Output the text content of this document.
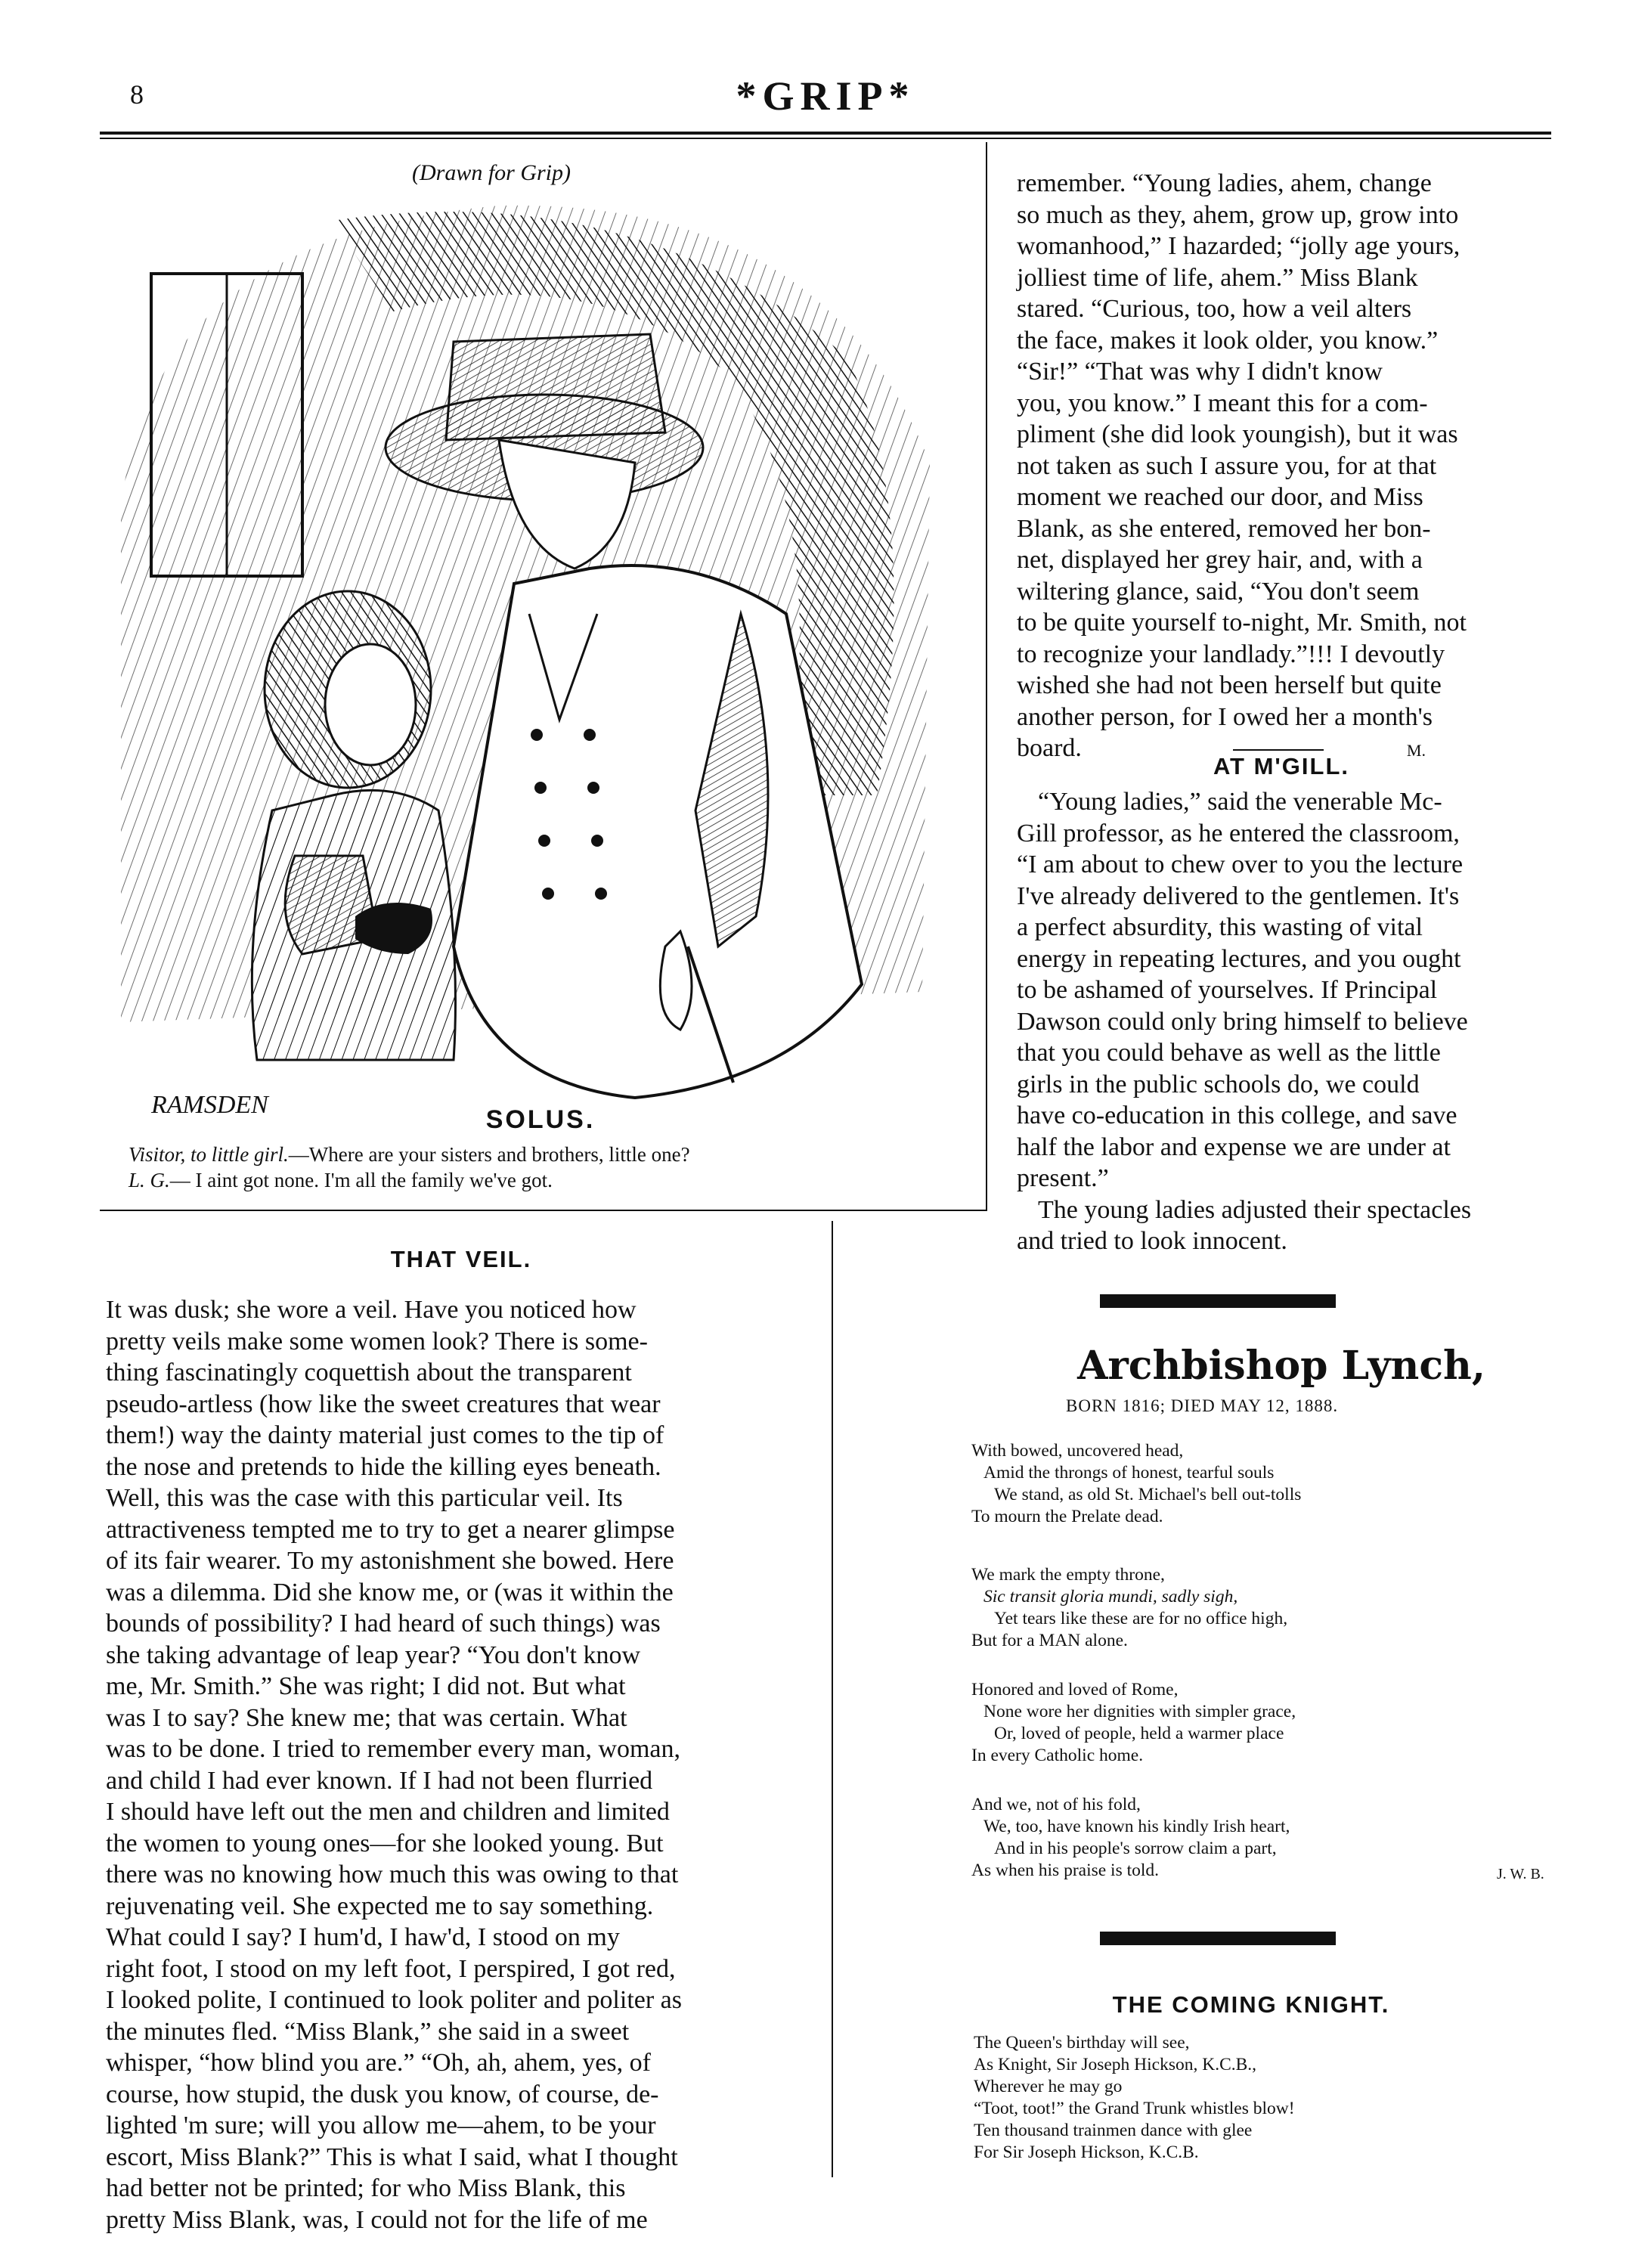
8	*GRIP*
(Drawn for Grip)
RAMSDEN
SOLUS.
Visitor, to little girl.—Where are your sisters and brothers, little one?
L. G.— I aint got none. I'm all the family we've got.
THAT VEIL.

It was dusk; she wore a veil. Have you noticed how

pretty veils make some women look? There is some-

thing fascinatingly coquettish about the transparent

pseudo-artless (how like the sweet creatures that wear

them!) way the dainty material just comes to the tip of

the nose and pretends to hide the killing eyes beneath.

Well, this was the case with this particular veil. Its

attractiveness tempted me to try to get a nearer glimpse

of its fair wearer. To my astonishment she bowed. Here

was a dilemma. Did she know me, or (was it within the

bounds of possibility? I had heard of such things) was

she taking advantage of leap year? “You don't know

me, Mr. Smith.” She was right; I did not. But what

was I to say? She knew me; that was certain. What

was to be done. I tried to remember every man, woman,

and child I had ever known. If I had not been flurried

I should have left out the men and children and limited

the women to young ones—for she looked young. But

there was no knowing how much this was owing to that

rejuvenating veil. She expected me to say something.

What could I say? I hum'd, I haw'd, I stood on my

right foot, I stood on my left foot, I perspired, I got red,

I looked polite, I continued to look politer and politer as

the minutes fled. “Miss Blank,” she said in a sweet

whisper, “how blind you are.” “Oh, ah, ahem, yes, of

course, how stupid, the dusk you know, of course, de-

lighted 'm sure; will you allow me—ahem, to be your

escort, Miss Blank?” This is what I said, what I thought

had better not be printed; for who Miss Blank, this

pretty Miss Blank, was, I could not for the life of me

remember. “Young ladies, ahem, change

so much as they, ahem, grow up, grow into

womanhood,” I hazarded; “jolly age yours,

jolliest time of life, ahem.” Miss Blank

stared. “Curious, too, how a veil alters

the face, makes it look older, you know.”

“Sir!” “That was why I didn't know

you, you know.” I meant this for a com-

pliment (she did look youngish), but it was

not taken as such I assure you, for at that

moment we reached our door, and Miss

Blank, as she entered, removed her bon-

net, displayed her grey hair, and, with a

wiltering glance, said, “You don't seem

to be quite yourself to-night, Mr. Smith, not

to recognize your landlady.”!!! I devoutly

wished she had not been herself but quite

another person, for I owed her a month's

board.	M.

AT M'GILL.

“Young ladies,” said the venerable Mc-

Gill professor, as he entered the classroom,

“I am about to chew over to you the lecture

I've already delivered to the gentlemen. It's

a perfect absurdity, this wasting of vital

energy in repeating lectures, and you ought

to be ashamed of yourselves. If Principal

Dawson could only bring himself to believe

that you could behave as well as the little

girls in the public schools do, we could

have co-education in this college, and save

half the labor and expense we are under at

present.”

The young ladies adjusted their spectacles

and tried to look innocent.

Archbishop Lynch,
BORN 1816; DIED MAY 12, 1888.
With bowed, uncovered head,
Amid the throngs of honest, tearful souls
We stand, as old St. Michael's bell out-tolls
To mourn the Prelate dead.
We mark the empty throne,
Sic transit gloria mundi, sadly sigh,
Yet tears like these are for no office high,
But for a MAN alone.
Honored and loved of Rome,
None wore her dignities with simpler grace,
Or, loved of people, held a warmer place
In every Catholic home.
And we, not of his fold,
We, too, have known his kindly Irish heart,
And in his people's sorrow claim a part,
As when his praise is told.	J. W. B.
THE COMING KNIGHT.
The Queen's birthday will see,
As Knight, Sir Joseph Hickson, K.C.B.,
Wherever he may go
“Toot, toot!” the Grand Trunk whistles blow!
Ten thousand trainmen dance with glee
For Sir Joseph Hickson, K.C.B.
